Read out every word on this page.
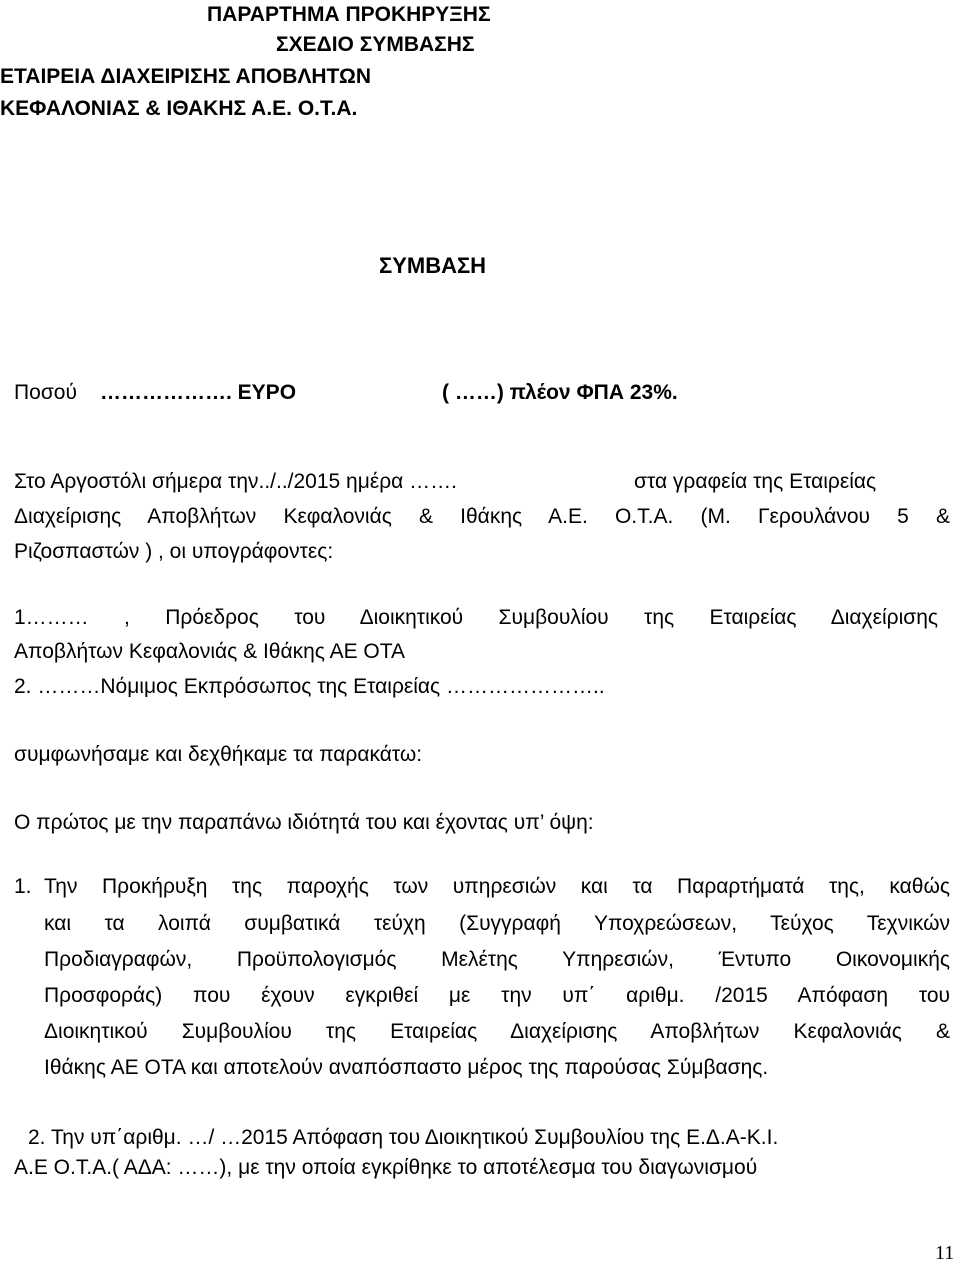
ΠΑΡΑΡΤΗΜΑ ΠΡΟΚΗΡΥΞΗΣ
ΣΧΕΔΙΟ ΣΥΜΒΑΣΗΣ
ΕΤΑΙΡΕΙΑ ΔΙΑΧΕΙΡΙΣΗΣ ΑΠΟΒΛΗΤΩΝ
ΚΕΦΑΛΟΝΙΑΣ & ΙΘΑΚΗΣ Α.Ε. Ο.Τ.Α.
ΣΥΜΒΑΣΗ
Ποσού ………………. ΕΥΡΟ	( ……) πλέον ΦΠΑ 23%.
Στο Αργοστόλι σήμερα την../../2015 ημέρα …….	στα γραφεία της Εταιρείας
Διαχείρισης Αποβλήτων Κεφαλονιάς & Ιθάκης Α.Ε. Ο.Τ.Α. (Μ. Γερουλάνου 5 &
Ριζοσπαστών ) , οι υπογράφοντες:
1……… , Πρόεδρος του Διοικητικού Συμβουλίου της Εταιρείας Διαχείρισης
Αποβλήτων Κεφαλονιάς & Ιθάκης ΑΕ ΟΤΑ
2. ………Νόμιμος Εκπρόσωπος της Εταιρείας …………………..
συμφωνήσαμε και δεχθήκαμε τα παρακάτω:
Ο πρώτος με την παραπάνω ιδιότητά του και έχοντας υπ’ όψη:
1. Την Προκήρυξη της παροχής των υπηρεσιών και τα Παραρτήματά της, καθώς
και τα λοιπά συμβατικά τεύχη (Συγγραφή Υποχρεώσεων, Τεύχος Τεχνικών
Προδιαγραφών, Προϋπολογισμός Μελέτης Υπηρεσιών, Έντυπο Οικονομικής
Προσφοράς) που έχουν εγκριθεί με την υπ΄ αριθμ. /2015 Απόφαση του
Διοικητικού Συμβουλίου της Εταιρείας Διαχείρισης Αποβλήτων Κεφαλονιάς &
Ιθάκης ΑΕ ΟΤΑ και αποτελούν αναπόσπαστο μέρος της παρούσας Σύμβασης.
2. Την υπ΄αριθμ. …/ …2015 Απόφαση του Διοικητικού Συμβουλίου της Ε.Δ.Α-Κ.Ι.
Α.Ε Ο.Τ.Α.( ΑΔΑ: ……), με την οποία εγκρίθηκε το αποτέλεσμα του διαγωνισμού
11
